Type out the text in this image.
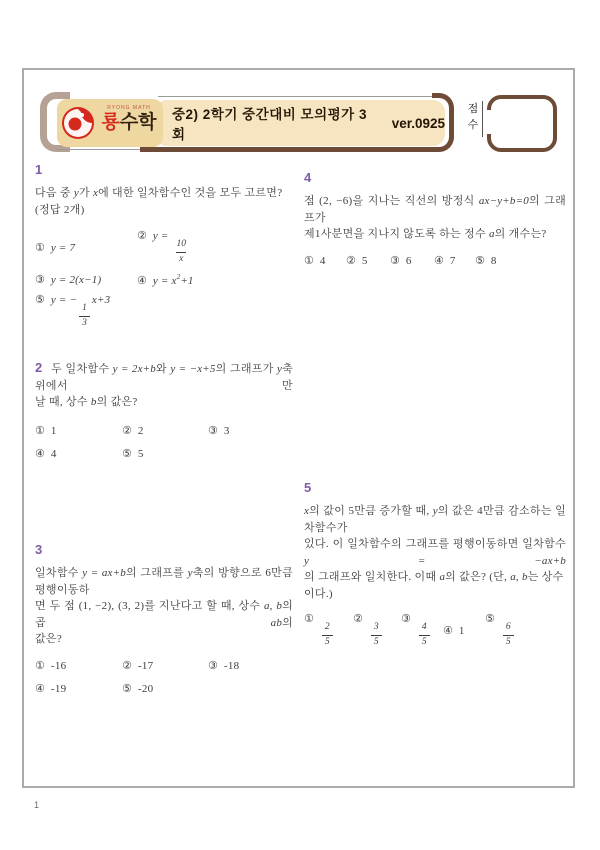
RYONG MATH
룡수학 중2) 2학기 중간대비 모의평가 3회
ver.0925
점
수
1
다음 중 y가 x에 대한 일차함수인 것을 모두 고르면?
(정답 2개)
① y = 7 ② y =
$\frac{10}{x}$
③ y = 2(x−1)	④ $y = x^2+1$
⑤ y = −
$\frac{1}{3}$
x+3
2 두 일차함수 y = 2x+b와 y = −x+5의 그래프가 y축 위에서 만
날 때, 상수 b의 값은?
① 1	② 2	③ 3
④ 4	⑤ 5
3
일차함수 y = ax+b의 그래프를 y축의 방향으로 6만큼 평행이동하
면 두 점 (1, −2), (3, 2)를 지난다고 할 때, 상수 a, b의 곱 ab의
값은?
① -16	② -17	③ -18
④ -19	⑤ -20
4
점 (2, −6)을 지나는 직선의 방정식 ax−y+b=0의 그래프가
제1사분면을 지나지 않도록 하는 정수 a의 개수는?
① 4 ② 5 ③ 6 ④ 7 ⑤ 8
5
x의 값이 5만큼 증가할 때, y의 값은 4만큼 감소하는 일차함수가
있다. 이 일차함수의 그래프를 평행이동하면 일차함수 y = −ax+b
의 그래프와 일치한다. 이때 a의 값은? (단, a, b는 상수이다.)
①
$\frac{2}{5}$
②
$\frac{3}{5}$
③
$\frac{4}{5}$ ④ 1 ⑤
$\frac{6}{5}$
1
